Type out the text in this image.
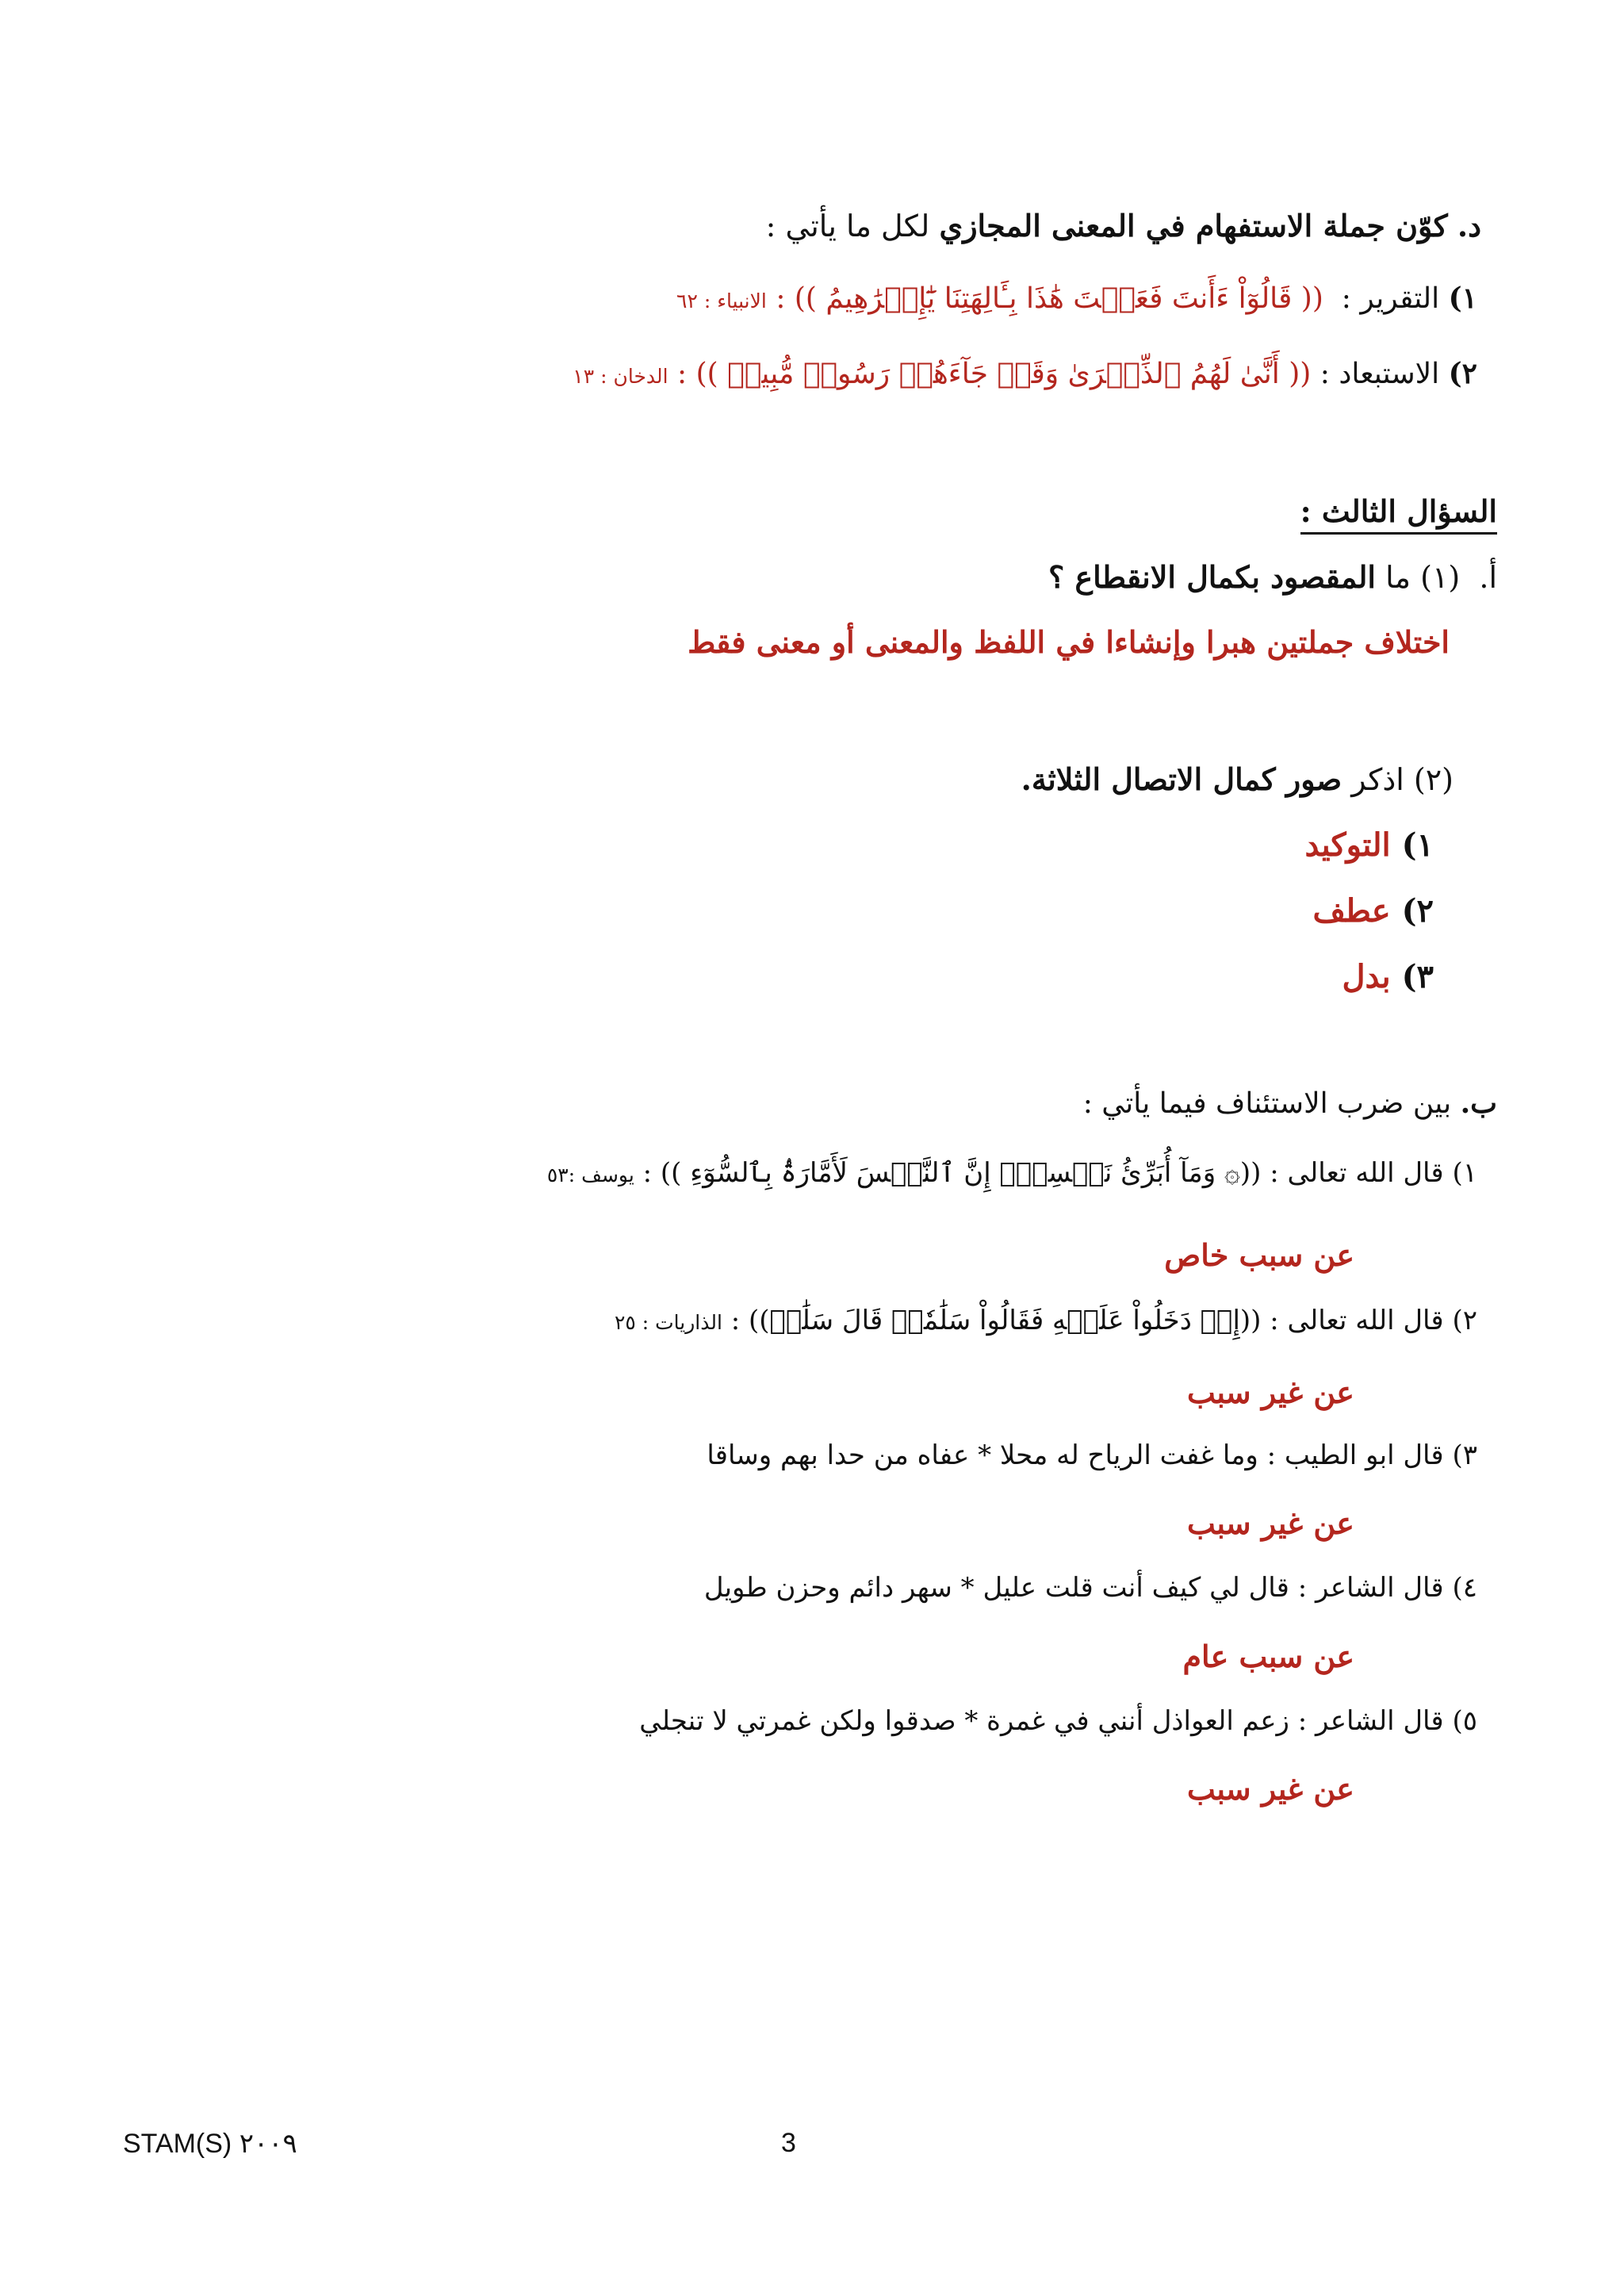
د. كوّن جملة الاستفهام في المعنى المجازي لكل ما يأتي :
١) التقرير :  (( قَالُوٓاْ ءَأَنتَ فَعَلۡتَ هَٰذَا بِـَٔالِهَتِنَا يَٰٓإِبۡرَٰهِيمُ )) : الانبياء : ٦٢
٢) الاستبعاد : (( أَنَّىٰ لَهُمُ ٱلذِّكۡرَىٰ وَقَدۡ جَآءَهُمۡ رَسُولٞ مُّبِينٞ )) : الدخان : ١٣
السؤال الثالث :
أ.  (١) ما المقصود بكمال الانقطاع ؟
اختلاف جملتين هبرا وإنشاءا في اللفظ والمعنى أو معنى فقط
(٢) اذكر صور كمال الاتصال الثلاثة.
١) التوكيد
٢) عطف
٣) بدل
ب. بين ضرب الاستئناف فيما يأتي :
١) قال الله تعالى : ((۞ وَمَآ أُبَرِّئُ نَفۡسِيٓۚ إِنَّ ٱلنَّفۡسَ لَأَمَّارَةُۢ بِٱلسُّوٓءِ )) : يوسف :٥٣
عن سبب خاص
٢) قال الله تعالى : ((إِذۡ دَخَلُواْ عَلَيۡهِ فَقَالُواْ سَلَٰمٗاۖ قَالَ سَلَٰمٞ)) : الذاريات : ٢٥
عن غير سبب
٣) قال ابو الطيب : وما غفت الرياح له محلا * عفاه من حدا بهم وساقا
عن غير سبب
٤) قال الشاعر : قال لي كيف أنت قلت عليل * سهر دائم وحزن طويل
عن سبب عام
٥) قال الشاعر : زعم العواذل أنني في غمرة * صدقوا ولكن غمرتي لا تنجلي
عن غير سبب
STAM(S) ٢٠٠٩	3
